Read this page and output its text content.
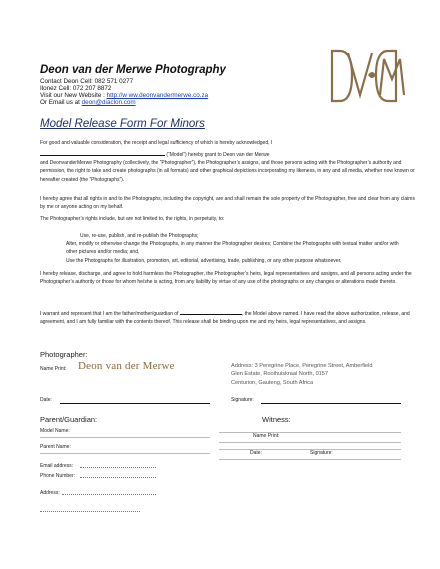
Deon van der Merwe Photography
Contact Deon Cell: 082 571 0277
Ilonez Cell: 072 207 8872
Visit our New Website : http://w ww.deonvandermerwe.co.za
Or Email us at deon@diaclon.com
Model Release Form For Minors
For good and valuable consideration, the receipt and legal sufficiency of which is hereby acknowledged, I
(“Model”) hereby grant to Deon van der Merwe
and DeonvanderMerwe Photography (collectively, the “Photographer”), the Photographer’s assigns, and those persons acting with the Photographer’s authority and permission, the right to take and create photographs (in all formats) and other graphical depictions incorporating my likeness, in any and all media, whether now known or hereafter created (the “Photographs”).
I hereby agree that all rights in and to the Photographs, including the copyright, are and shall remain the sole property of the Photographer, free and clear from any claims by me or anyone acting on my behalf.
The Photographer’s rights include, but are not limited to, the rights, in perpetuity, to:
Use, re-use, publish, and re-publish the Photographs;
Alter, modify or otherwise change the Photographs, in any manner the Photographer desires; Combine the Photographs with textual matter and/or with other pictures and/or media; and,
Use the Photographs for illustration, promotion, art, editorial, advertising, trade, publishing, or any other purpose whatsoever.
I hereby release, discharge, and agree to hold harmless the Photographer, the Photographer’s heirs, legal representatives and assigns, and all persons acting under the Photographer’s authority or those for whom he/she is acting, from any liability by virtue of any use of the photographs or any changes or alterations made thereto.
I warrant and represent that I am the father/mother/guardian of	, the Model above named. I have read the above authorization, release, and agreement, and I am fully familiar with the contents thereof. This release shall be binding upon me and my heirs, legal representatives, and assigns.
Photographer:
Name Print: Deon van der Merwe	Address: 3 Peregrine Place, Peregrine Street, Amberfield
Glen Estate, Rooihuiskraal North, 0157
Centurion, Gauteng, South Africa
Date:	Signature:
Parent/Guardian:
Model Name:
Parent Name:
Email address:
Phone Number:
Address:
Witness:
Name Print:
Date:	Signature:
